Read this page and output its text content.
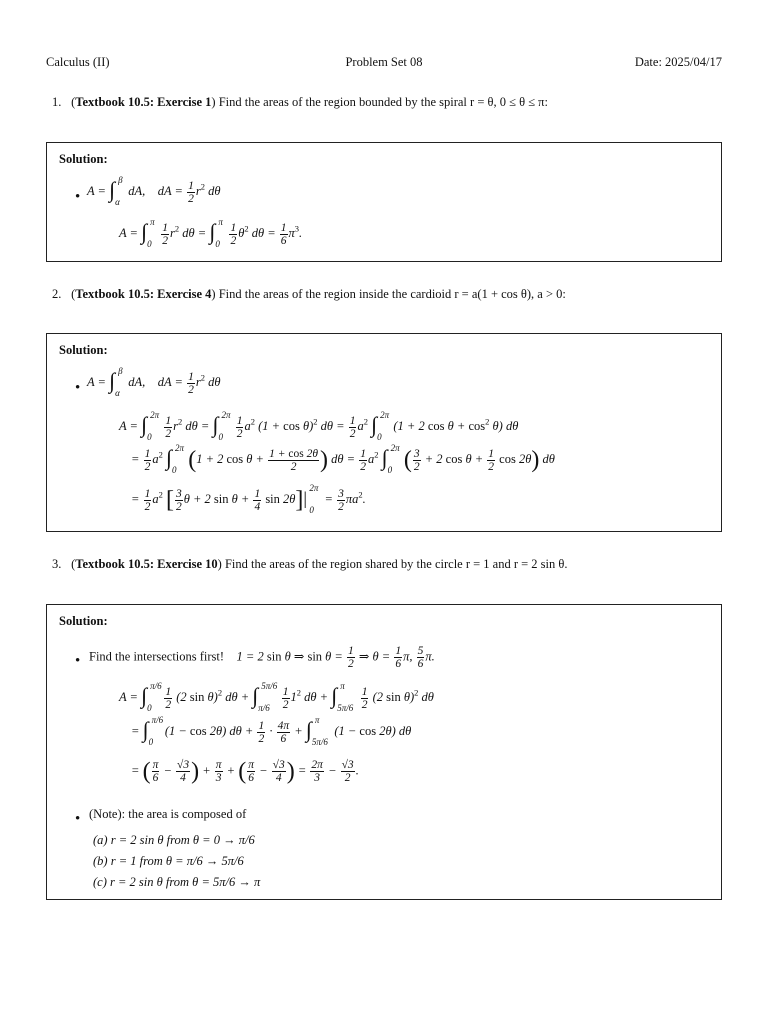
Calculus (II)	Problem Set 08	Date: 2025/04/17
1. (Textbook 10.5: Exercise 1) Find the areas of the region bounded by the spiral r = θ, 0 ≤ θ ≤ π:
Solution:
• A = ∫ β
α
dA,    dA = $\frac{1}{2} r^2$ dθ
A = ∫ π
0
$\frac{1}{2} r^2$ dθ = ∫ π
0
$\frac{1}{2} \theta^2$ $d\theta = \frac{1}{6} \pi^3$.
2. (Textbook 10.5: Exercise 4) Find the areas of the region inside the cardioid r = a(1 + cos θ), a > 0:
Solution:
• A = ∫ β
α
dA,    dA = $\frac{1}{2} r^2$ dθ
A = ∫ 2π
0
$\frac{1}{2} r^2$ dθ = ∫ 2π
0
$\frac{1}{2} a^2$ $(1 + \cos \theta)^2$ $d\theta = \frac{1}{2} a^2$ ∫ 2π
0
(1 + 2 $\cos \theta + \cos^2 \theta$) dθ
= $\frac{1}{2} a^2$ ∫ 2π
0 (1 + 2 $\cos \theta + \frac{1 + \cos 2\theta}{2}$ ) $d\theta = \frac{1}{2} a^2$ ∫ 2π
0 ( $\frac{3}{2} + 2$ $\cos \theta + \frac{1}{2}$ cos 2θ) dθ
= $\frac{1}{2} a^2$ [ $\frac{3}{2}$ θ + 2 $\sin \theta + \frac{1}{4}$ sin 2θ] | 2π
0
= $\frac{3}{2} \pi a^2$.
3. (Textbook 10.5: Exercise 10) Find the areas of the region shared by the circle r = 1 and r = 2 sin θ.
Solution:
• Find the intersections first!    1 = 2 sin θ ⇒ $\sin \theta = \frac{1}{2}$ ⇒ $\theta = \frac{1}{6} \pi$, $\frac{5}{6} \pi$.
A = ∫ π/6
0
$\frac{1}{2} (2$ sin θ)$^2$ dθ + ∫ 5π/6
π/6
$\frac{1}{2} 1^2$ dθ + ∫ π
5π/6
$\frac{1}{2} (2$ sin θ)$^2$ dθ
= ∫ π/6
0
(1 − cos 2θ) $d\theta + \frac{1}{2} \cdot \frac{4\pi}{6}$ + ∫ π
5π/6
(1 − cos 2θ) dθ
= ( $\frac{\pi}{6} - \frac{√3}{4}$ ) + $\frac{\pi}{3}$ + ( $\frac{\pi}{6} - \frac{√3}{4}$ ) = $\frac{2\pi}{3} - \frac{√3}{2}$ .
• (Note): the area is composed of
(a) r = 2 sin θ from θ = 0 → π/6
(b) r = 1 from θ = π/6 → 5π/6
(c) r = 2 sin θ from θ = 5π/6 → π
